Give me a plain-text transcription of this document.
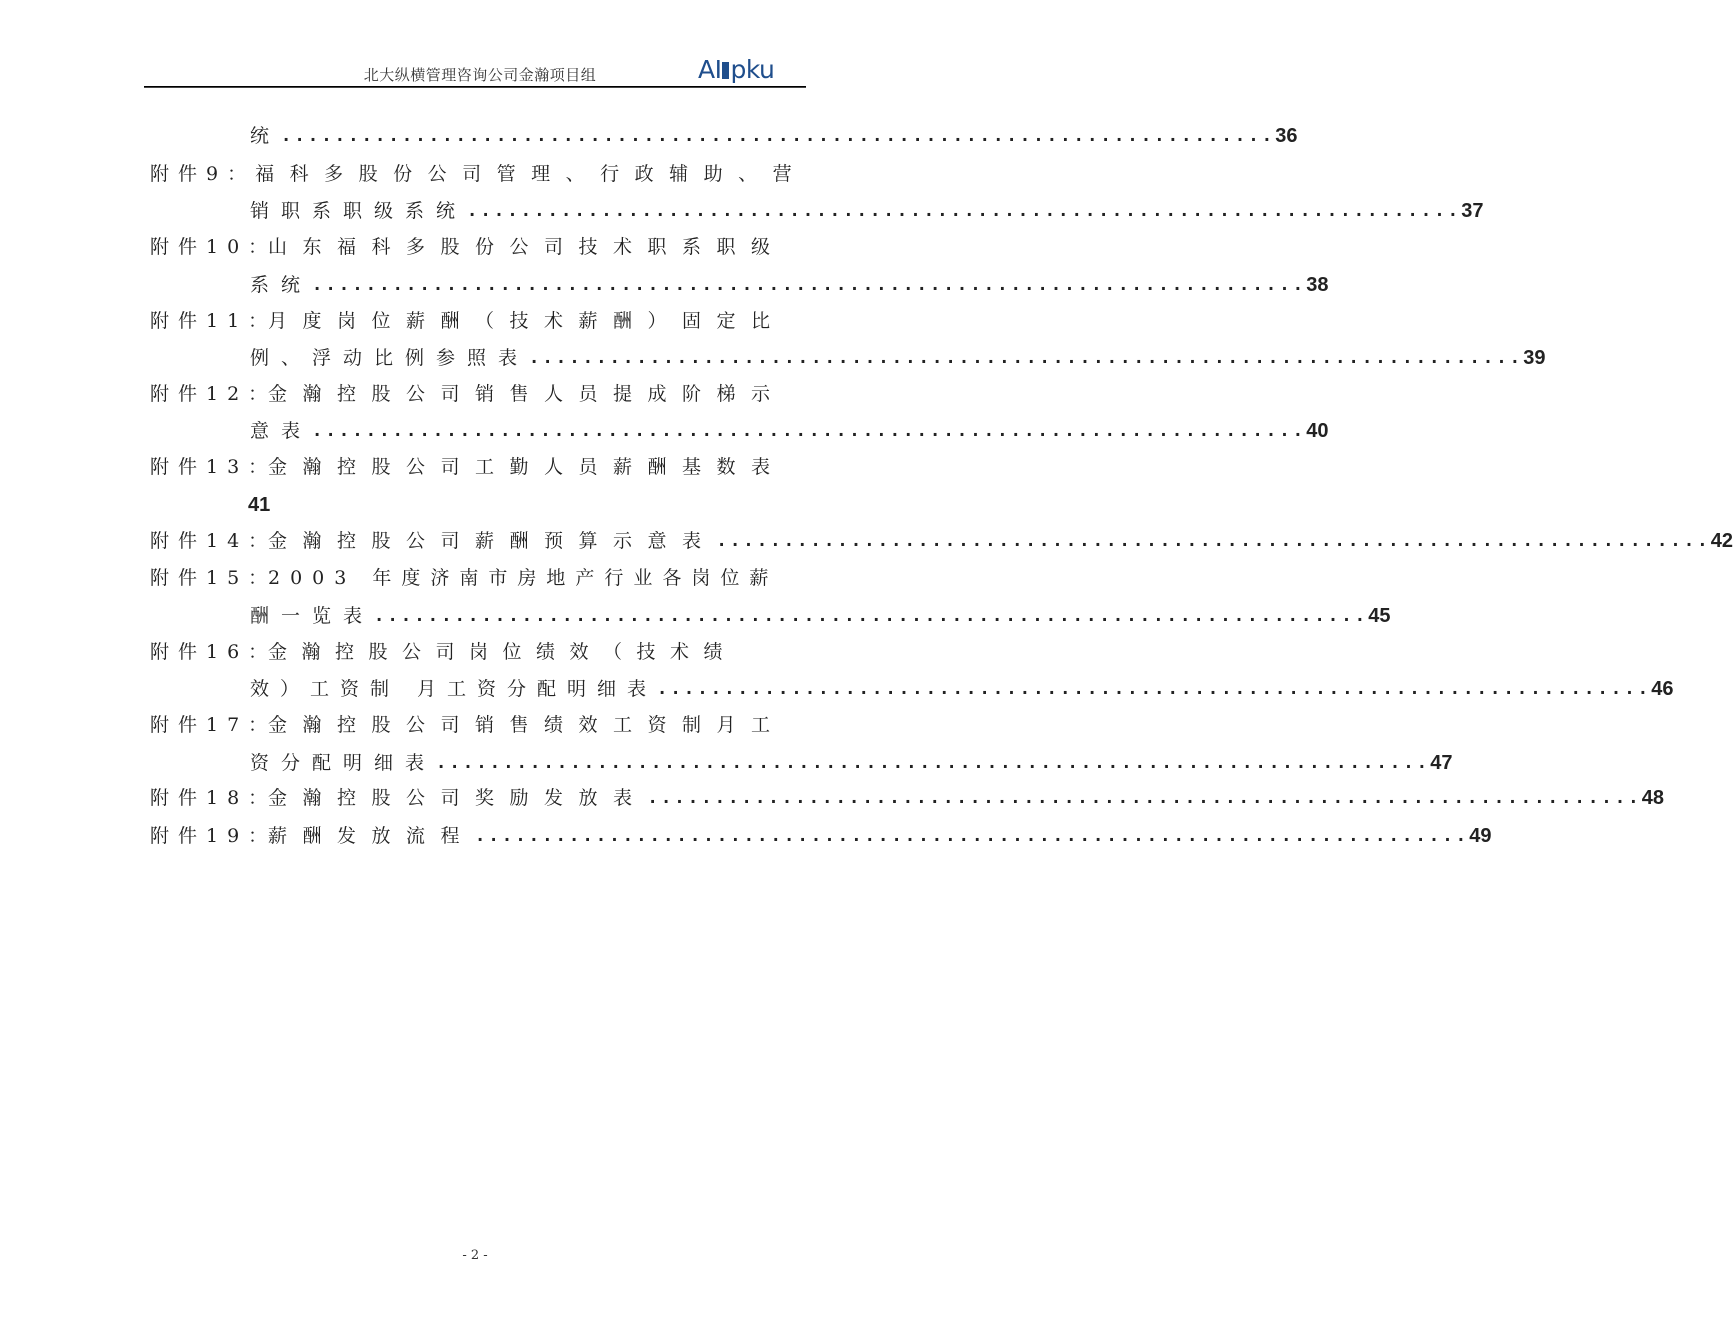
北大纵横管理咨询公司金瀚项目组	AI pku
统 .......................................................................... 36
附件9： 福科多股份公司管理、行政辅助、营
销职系职级系统 .......................................................................... 37
附件10：
山东福科多股份公司技术职系职级
系统 .......................................................................... 38
附件11：
月度岗位薪酬（技术薪酬）固定比
例、浮动比例参照表 .......................................................................... 39
附件12：
金瀚控股公司销售人员提成阶梯示
意表 .......................................................................... 40
附件13：
金瀚控股公司工勤人员薪酬基数表
41
附件14：
金瀚控股公司薪酬预算示意表 .......................................................................... 42
附件15：
2003 年度济南市房地产行业各岗位薪
酬一览表 .......................................................................... 45
附件16：
金瀚控股公司岗位绩效（技术绩
效）工资制 月工资分配明细表 .......................................................................... 46
附件17：
金瀚控股公司销售绩效工资制月工
资分配明细表 .......................................................................... 47
附件18：
金瀚控股公司奖励发放表 .......................................................................... 48
附件19：
薪酬发放流程 .......................................................................... 49
- 2 -
